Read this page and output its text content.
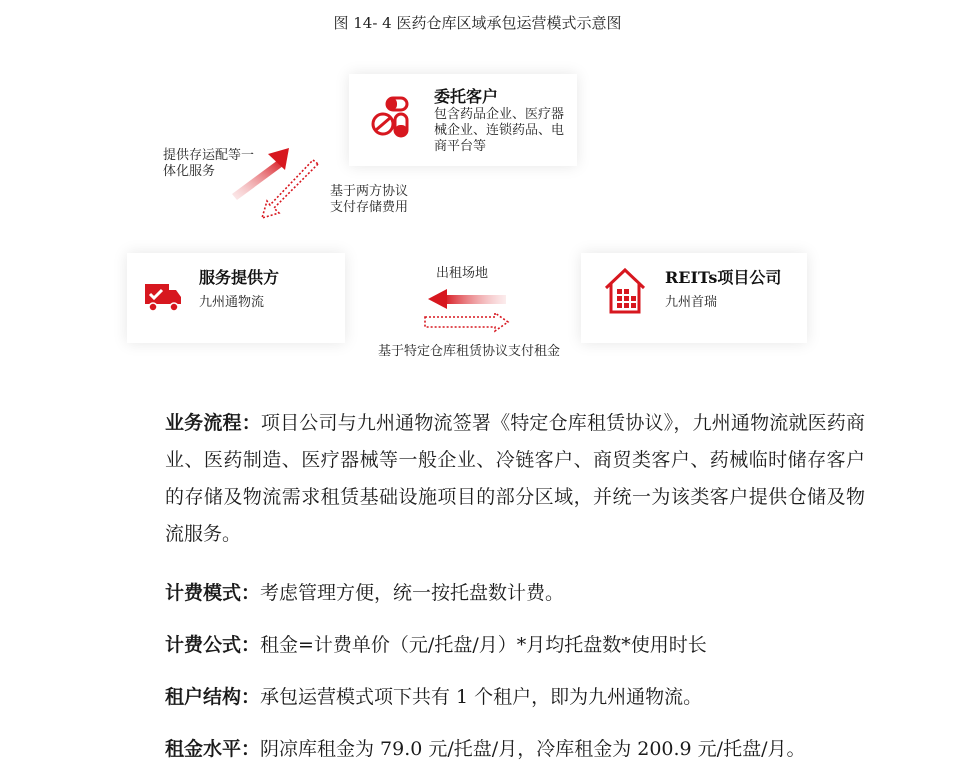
图 14- 4 医药仓库区域承包运营模式示意图
委托客户
包含药品企业、医疗器械企业、连锁药品、电商平台等
服务提供方
九州通物流
REITs项目公司
九州首瑞
提供存运配等一体化服务
基于两方协议支付存储费用
出租场地
基于特定仓库租赁协议支付租金
业务流程：项目公司与九州通物流签署《特定仓库租赁协议》，九州通物流就医药商业、医药制造、医疗器械等一般企业、冷链客户、商贸类客户、药械临时储存客户的存储及物流需求租赁基础设施项目的部分区域，并统一为该类客户提供仓储及物流服务。
计费模式：考虑管理方便，统一按托盘数计费。
计费公式：租金=计费单价（元/托盘/月）*月均托盘数*使用时长
租户结构：承包运营模式项下共有 1 个租户，即为九州通物流。
租金水平：阴凉库租金为 79.0 元/托盘/月，冷库租金为 200.9 元/托盘/月。
